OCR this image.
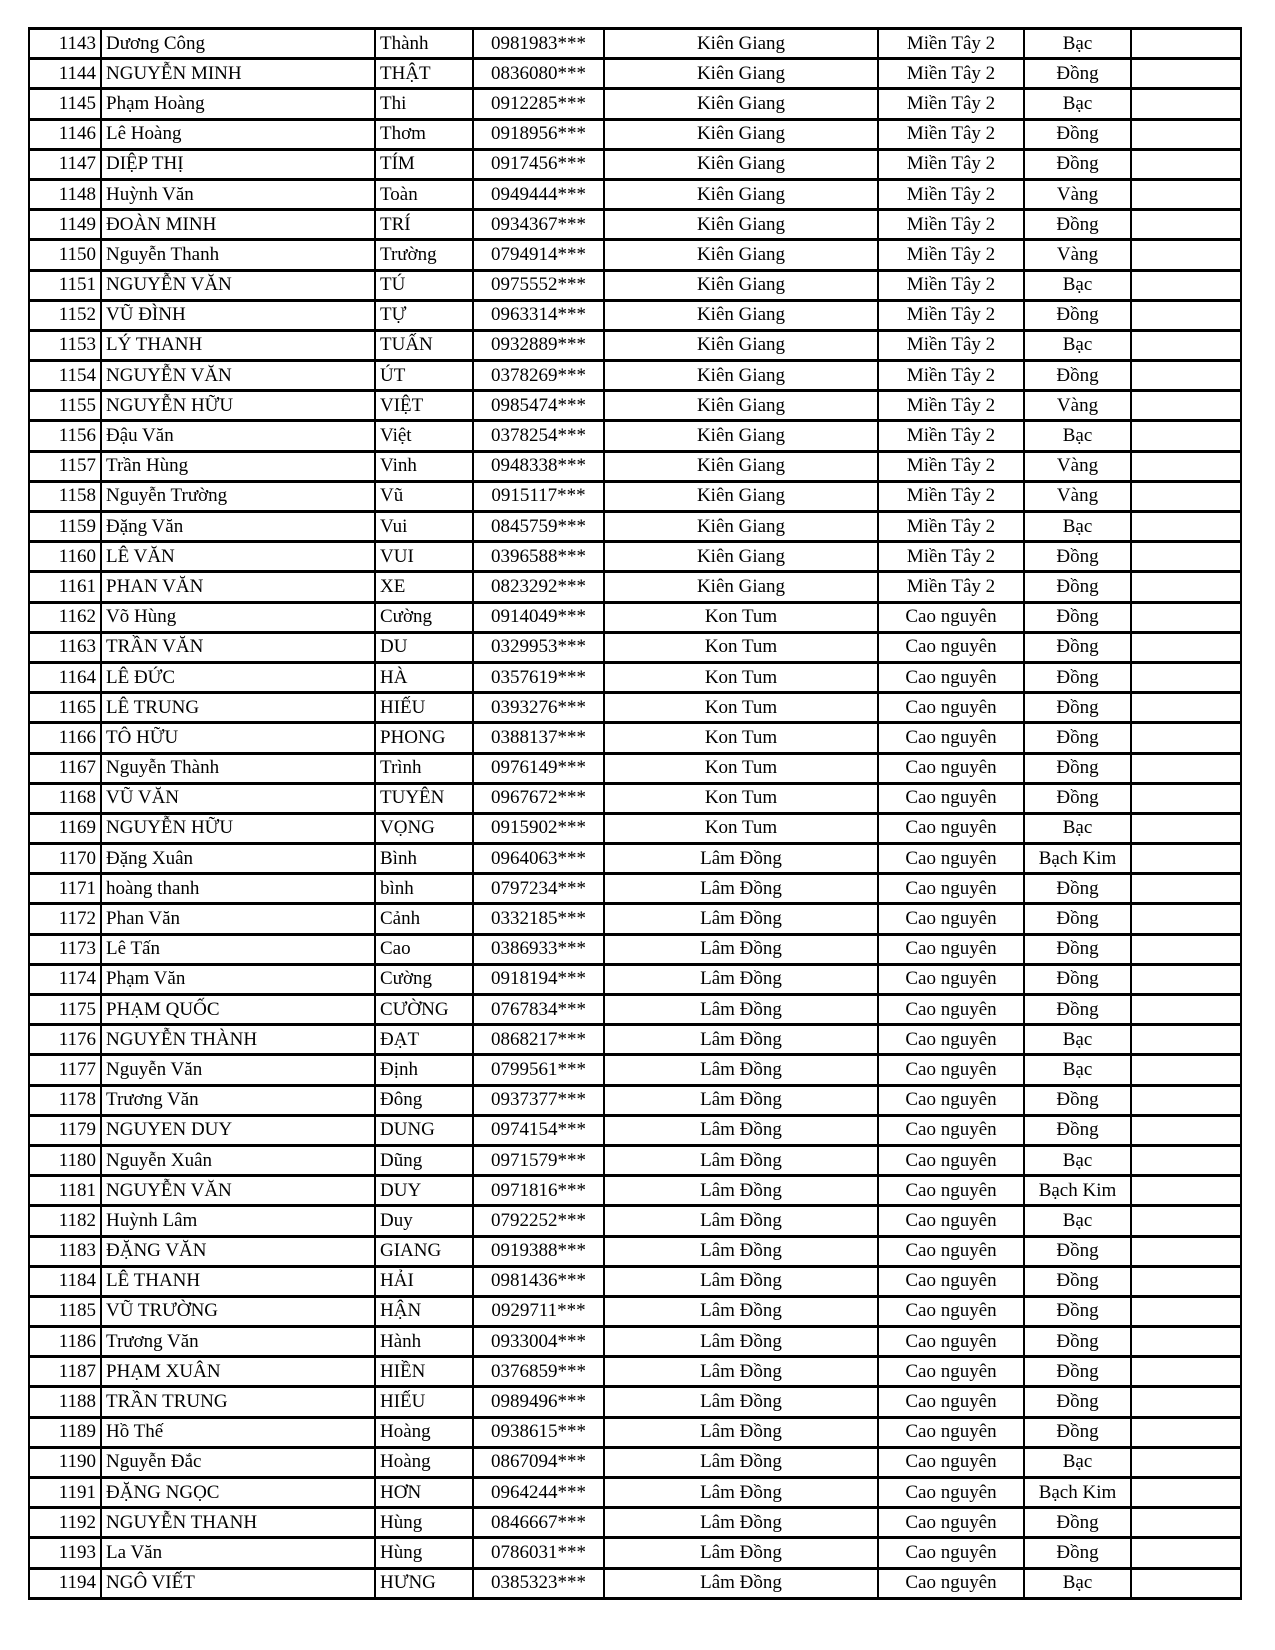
1143	Dương Công	Thành	0981983***	Kiên Giang	Miền Tây 2	Bạc	
1144	NGUYỄN MINH	THẬT	0836080***	Kiên Giang	Miền Tây 2	Đồng	
1145	Phạm Hoàng	Thi	0912285***	Kiên Giang	Miền Tây 2	Bạc	
1146	Lê Hoàng	Thơm	0918956***	Kiên Giang	Miền Tây 2	Đồng	
1147	DIỆP THỊ	TÍM	0917456***	Kiên Giang	Miền Tây 2	Đồng	
1148	Huỳnh Văn	Toàn	0949444***	Kiên Giang	Miền Tây 2	Vàng	
1149	ĐOÀN MINH	TRÍ	0934367***	Kiên Giang	Miền Tây 2	Đồng	
1150	Nguyễn Thanh	Trường	0794914***	Kiên Giang	Miền Tây 2	Vàng	
1151	NGUYỄN VĂN	TÚ	0975552***	Kiên Giang	Miền Tây 2	Bạc	
1152	VŨ ĐÌNH	TỰ	0963314***	Kiên Giang	Miền Tây 2	Đồng	
1153	LÝ THANH	TUẤN	0932889***	Kiên Giang	Miền Tây 2	Bạc	
1154	NGUYỄN VĂN	ÚT	0378269***	Kiên Giang	Miền Tây 2	Đồng	
1155	NGUYỄN HỮU	VIỆT	0985474***	Kiên Giang	Miền Tây 2	Vàng	
1156	Đậu Văn	Việt	0378254***	Kiên Giang	Miền Tây 2	Bạc	
1157	Trần Hùng	Vinh	0948338***	Kiên Giang	Miền Tây 2	Vàng	
1158	Nguyễn Trường	Vũ	0915117***	Kiên Giang	Miền Tây 2	Vàng	
1159	Đặng Văn	Vui	0845759***	Kiên Giang	Miền Tây 2	Bạc	
1160	LÊ VĂN	VUI	0396588***	Kiên Giang	Miền Tây 2	Đồng	
1161	PHAN VĂN	XE	0823292***	Kiên Giang	Miền Tây 2	Đồng	
1162	Võ Hùng	Cường	0914049***	Kon Tum	Cao nguyên	Đồng	
1163	TRẦN VĂN	DU	0329953***	Kon Tum	Cao nguyên	Đồng	
1164	LÊ ĐỨC	HÀ	0357619***	Kon Tum	Cao nguyên	Đồng	
1165	LÊ TRUNG	HIẾU	0393276***	Kon Tum	Cao nguyên	Đồng	
1166	TÔ HỮU	PHONG	0388137***	Kon Tum	Cao nguyên	Đồng	
1167	Nguyễn Thành	Trình	0976149***	Kon Tum	Cao nguyên	Đồng	
1168	VŨ VĂN	TUYÊN	0967672***	Kon Tum	Cao nguyên	Đồng	
1169	NGUYỄN HỮU	VỌNG	0915902***	Kon Tum	Cao nguyên	Bạc	
1170	Đặng Xuân	Bình	0964063***	Lâm Đồng	Cao nguyên	Bạch Kim	
1171	hoàng thanh	bình	0797234***	Lâm Đồng	Cao nguyên	Đồng	
1172	Phan Văn	Cảnh	0332185***	Lâm Đồng	Cao nguyên	Đồng	
1173	Lê Tấn	Cao	0386933***	Lâm Đồng	Cao nguyên	Đồng	
1174	Phạm Văn	Cường	0918194***	Lâm Đồng	Cao nguyên	Đồng	
1175	PHẠM QUỐC	CƯỜNG	0767834***	Lâm Đồng	Cao nguyên	Đồng	
1176	NGUYỄN THÀNH	ĐẠT	0868217***	Lâm Đồng	Cao nguyên	Bạc	
1177	Nguyễn Văn	Định	0799561***	Lâm Đồng	Cao nguyên	Bạc	
1178	Trương Văn	Đông	0937377***	Lâm Đồng	Cao nguyên	Đồng	
1179	NGUYEN DUY	DUNG	0974154***	Lâm Đồng	Cao nguyên	Đồng	
1180	Nguyễn Xuân	Dũng	0971579***	Lâm Đồng	Cao nguyên	Bạc	
1181	NGUYỄN VĂN	DUY	0971816***	Lâm Đồng	Cao nguyên	Bạch Kim	
1182	Huỳnh Lâm	Duy	0792252***	Lâm Đồng	Cao nguyên	Bạc	
1183	ĐẶNG VĂN	GIANG	0919388***	Lâm Đồng	Cao nguyên	Đồng	
1184	LÊ THANH	HẢI	0981436***	Lâm Đồng	Cao nguyên	Đồng	
1185	VŨ TRƯỜNG	HẬN	0929711***	Lâm Đồng	Cao nguyên	Đồng	
1186	Trương Văn	Hành	0933004***	Lâm Đồng	Cao nguyên	Đồng	
1187	PHẠM XUÂN	HIỀN	0376859***	Lâm Đồng	Cao nguyên	Đồng	
1188	TRẦN TRUNG	HIẾU	0989496***	Lâm Đồng	Cao nguyên	Đồng	
1189	Hồ Thế	Hoàng	0938615***	Lâm Đồng	Cao nguyên	Đồng	
1190	Nguyễn Đắc	Hoàng	0867094***	Lâm Đồng	Cao nguyên	Bạc	
1191	ĐẶNG NGỌC	HƠN	0964244***	Lâm Đồng	Cao nguyên	Bạch Kim	
1192	NGUYỄN THANH	Hùng	0846667***	Lâm Đồng	Cao nguyên	Đồng	
1193	La Văn	Hùng	0786031***	Lâm Đồng	Cao nguyên	Đồng	
1194	NGÔ VIẾT	HƯNG	0385323***	Lâm Đồng	Cao nguyên	Bạc	
